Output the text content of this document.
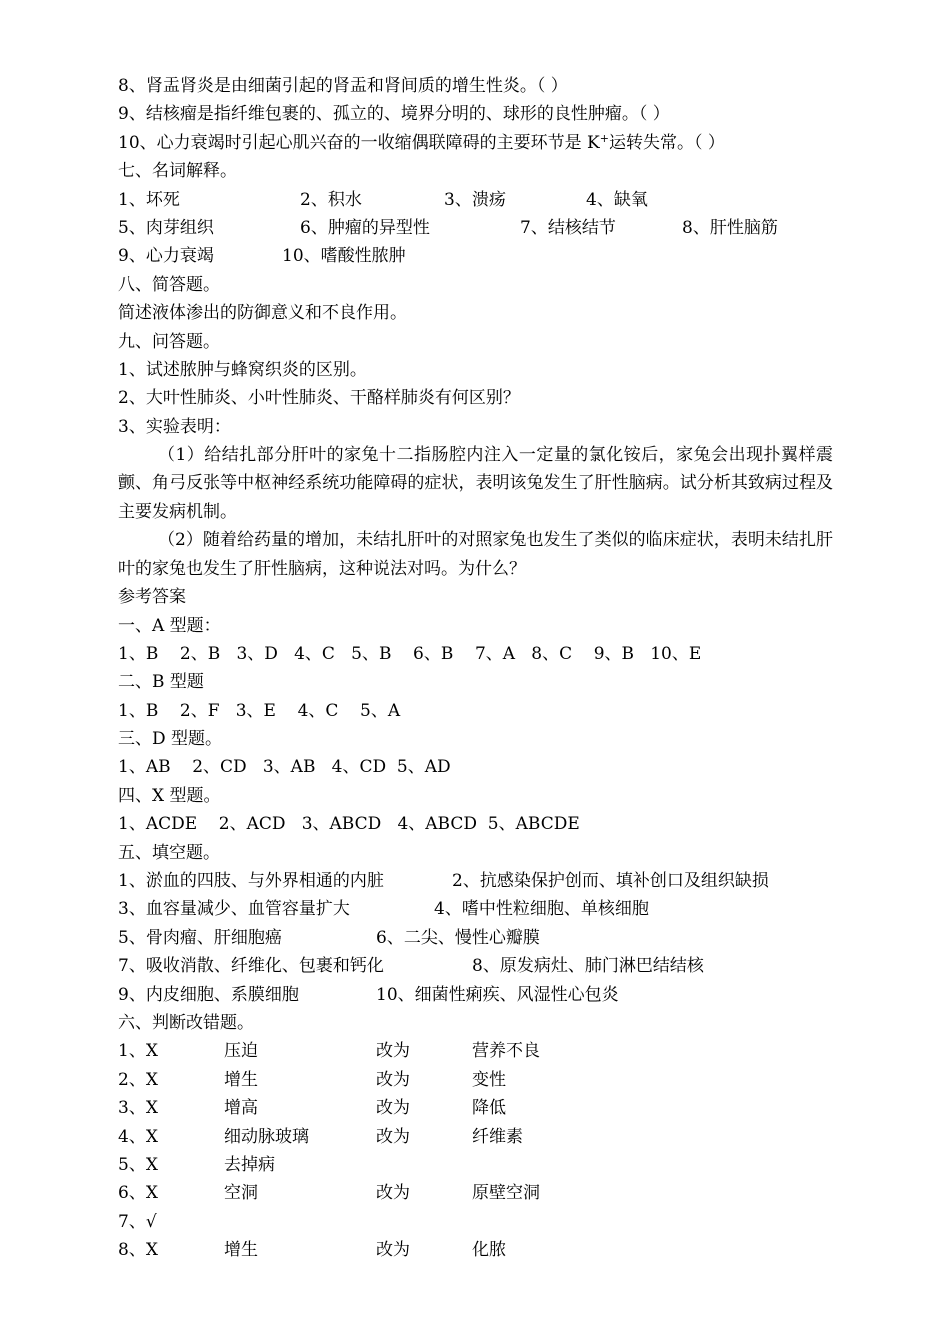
8、肾盂肾炎是由细菌引起的肾盂和肾间质的增生性炎。（ ）
9、结核瘤是指纤维包裹的、孤立的、境界分明的、球形的良性肿瘤。（ ）
10、心力衰竭时引起心肌兴奋的一收缩偶联障碍的主要环节是 K+运转失常。（ ）
七、名词解释。
1、坏死	2、积水	3、溃疡	4、缺氧
5、肉芽组织	6、肿瘤的异型性	7、结核结节	8、肝性脑筋
9、心力衰竭	10、嗜酸性脓肿
八、简答题。
简述液体渗出的防御意义和不良作用。
九、问答题。
1、试述脓肿与蜂窝织炎的区别。
2、大叶性肺炎、小叶性肺炎、干酪样肺炎有何区别？
3、实验表明：
（1）给结扎部分肝叶的家兔十二指肠腔内注入一定量的氯化铵后，家兔会出现扑翼样震颤、角弓反张等中枢神经系统功能障碍的症状，表明该兔发生了肝性脑病。试分析其致病过程及主要发病机制。
（2）随着给药量的增加，未结扎肝叶的对照家兔也发生了类似的临床症状，表明未结扎肝叶的家兔也发生了肝性脑病，这种说法对吗。为什么？
参考答案
一、A 型题：
1、B    2、B   3、D   4、C   5、B    6、B    7、A   8、C    9、B   10、E
二、B 型题
1、B    2、F   3、E    4、C    5、A
三、D 型题。
1、AB    2、CD   3、AB   4、CD  5、AD
四、X 型题。
1、ACDE    2、ACD   3、ABCD   4、ABCD  5、ABCDE
五、填空题。
1、淤血的四肢、与外界相通的内脏	2、抗感染保护创而、填补创口及组织缺损
3、血容量减少、血管容量扩大	4、嗜中性粒细胞、单核细胞
5、骨肉瘤、肝细胞癌	6、二尖、慢性心瓣膜
7、吸收消散、纤维化、包裹和钙化	8、原发病灶、肺门淋巴结结核
9、内皮细胞、系膜细胞	10、细菌性痢疾、风湿性心包炎
六、判断改错题。
1、X	压迫	改为	营养不良
2、X	增生	改为	变性
3、X	增高	改为	降低
4、X	细动脉玻璃	改为	纤维素
5、X	去掉病
6、X	空洞	改为	原壁空洞
7、√
8、X	增生	改为	化脓
